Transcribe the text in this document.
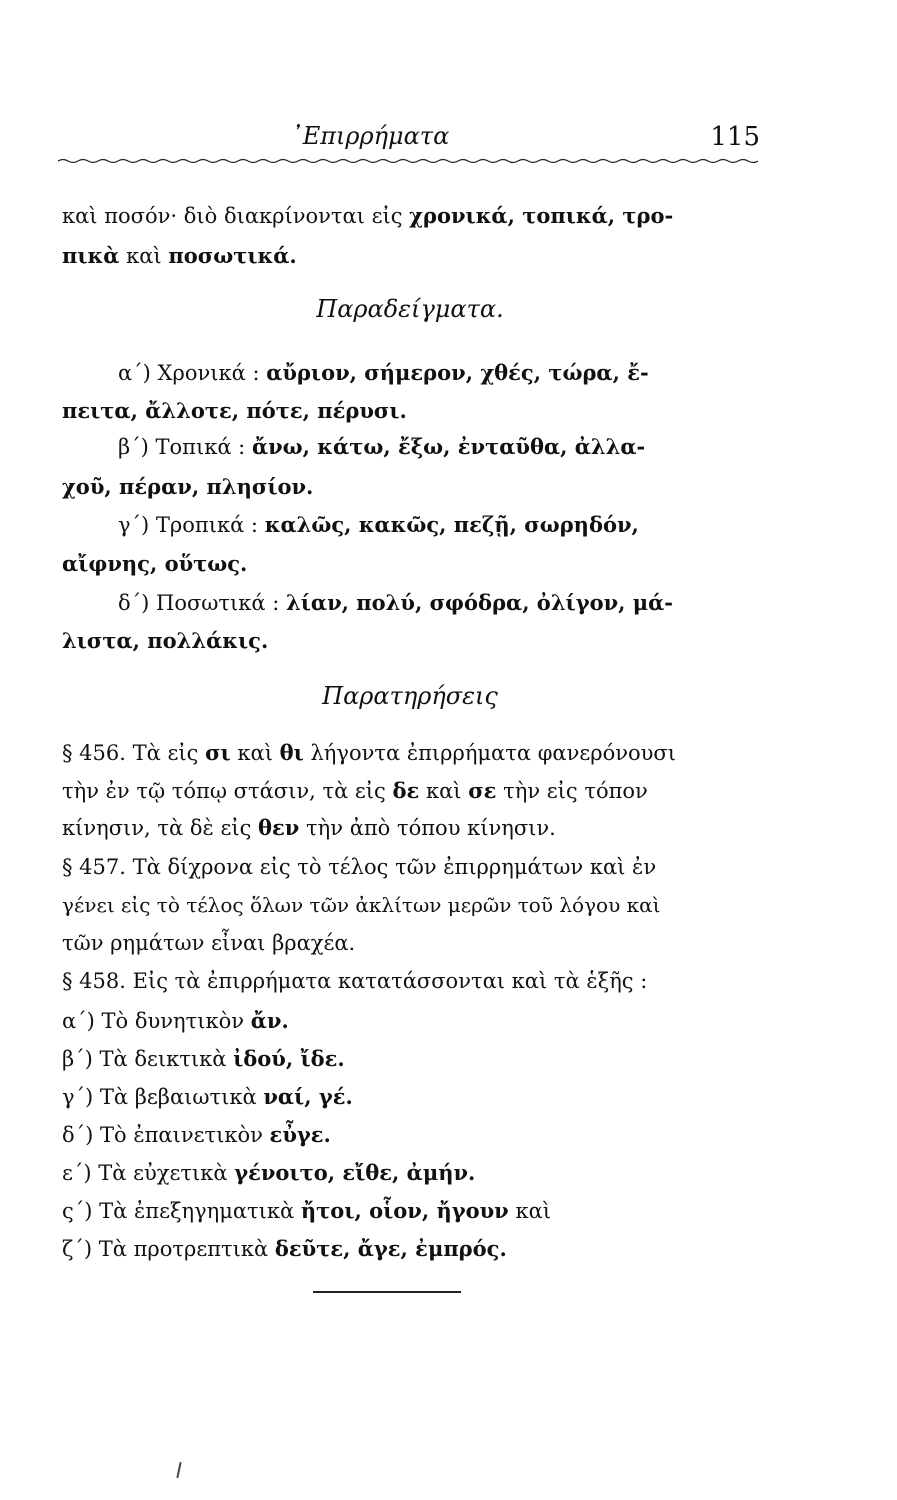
᾿Επιρρήματα	115
καὶ ποσόν· διὸ διακρίνονται εἰς χρονικά, τοπικά, τρο-
πικὰ καὶ ποσωτικά.
Παραδείγματα.
α΄) Χρονικά : αὔριον, σήμερον, χθές, τώρα, ἔ-
πειτα, ἄλλοτε, πότε, πέρυσι.
β΄) Τοπικά : ἄνω, κάτω, ἔξω, ἐνταῦθα, ἀλλα-
χοῦ, πέραν, πλησίον.
γ΄) Τροπικά : καλῶς, κακῶς, πεζῇ, σωρηδόν,
αἴφνης, οὕτως.
δ΄) Ποσωτικά : λίαν, πολύ, σφόδρα, ὀλίγον, μά-
λιστα, πολλάκις.
Παρατηρήσεις
§ 456. Τὰ εἰς σι καὶ θι λήγοντα ἐπιρρήματα φανερόνουσι
τὴν ἐν τῷ τόπῳ στάσιν, τὰ εἰς δε καὶ σε τὴν εἰς τόπον
κίνησιν, τὰ δὲ εἰς θεν τὴν ἀπὸ τόπου κίνησιν.
§ 457. Τὰ δίχρονα εἰς τὸ τέλος τῶν ἐπιρρημάτων καὶ ἐν
γένει εἰς τὸ τέλος ὅλων τῶν ἀκλίτων μερῶν τοῦ λόγου καὶ
τῶν ρημάτων εἶναι βραχέα.
§ 458. Εἰς τὰ ἐπιρρήματα κατατάσσονται καὶ τὰ ἑξῆς :
α΄) Τὸ δυνητικὸν ἄν.
β΄) Τὰ δεικτικὰ ἰδού, ἴδε.
γ΄) Τὰ βεβαιωτικὰ ναί, γέ.
δ΄) Τὸ ἐπαινετικὸν εὖγε.
ε΄) Τὰ εὐχετικὰ γένοιτο, εἴθε, ἀμήν.
ς΄) Τὰ ἐπεξηγηματικὰ ἤτοι, οἷον, ἤγουν καὶ
ζ΄) Τὰ προτρεπτικὰ δεῦτε, ἄγε, ἐμπρός.
